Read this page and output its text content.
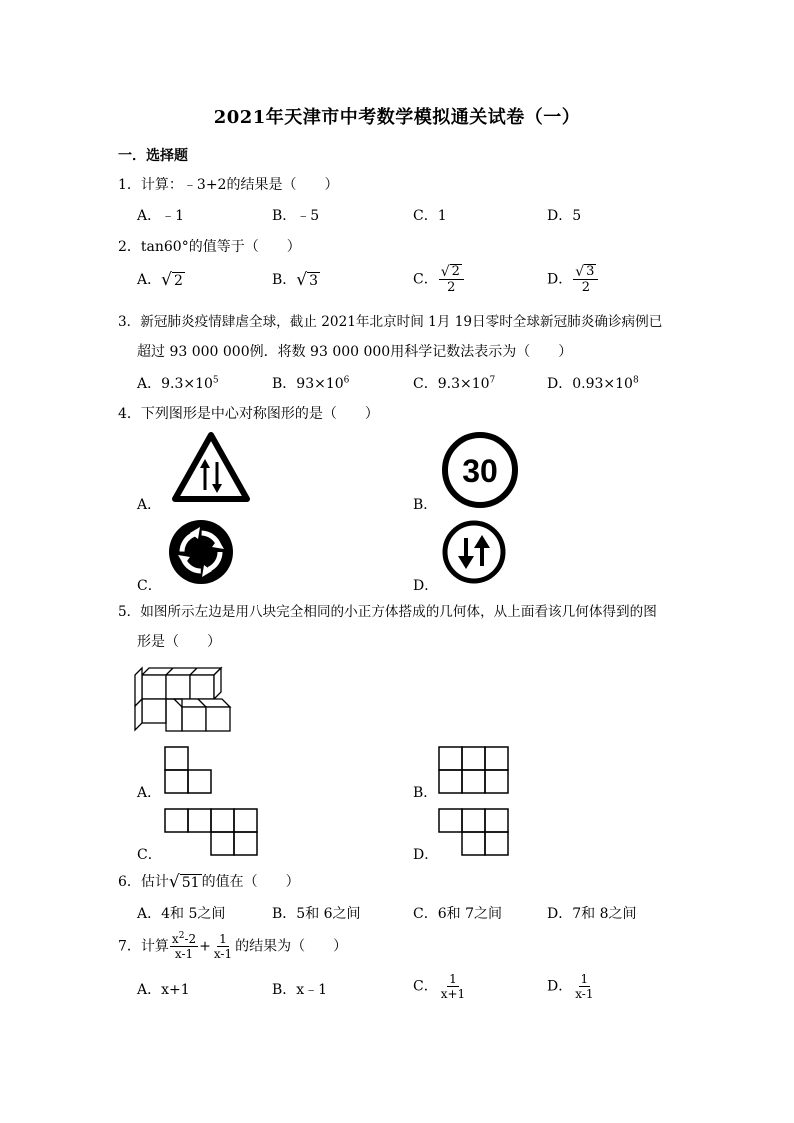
2021年天津市中考数学模拟通关试卷（一）
一．选择题
1．计算：﹣3+2的结果是（　　）
A．﹣1	B．﹣5	C．1	D．5
2．tan60°的值等于（　　）
A． √ 2	B． √ 3	C． $\frac{√ 2}{2}$	D． $\frac{√ 3}{2}$
3．新冠肺炎疫情肆虐全球，截止 2021年北京时间 1月 19日零时全球新冠肺炎确诊病例已
超过 93 000 000例．将数 93 000 000用科学记数法表示为（　　）
A．$9.3\times 10^5$	B．$93\times 10^6$	C．$9.3\times 10^7$	D．$0.93\times 10^8$
4．下列图形是中心对称图形的是（　　）
A．	B．
30
C．	D．
5．如图所示左边是用八块完全相同的小正方体搭成的几何体，从上面看该几何体得到的图
形是（　　）
A．	B．
C．	D．
6．估计 √ 51 的值在（　　）
A．4和 5之间	B．5和 6之间	C．6和 7之间	D．7和 8之间
7．计算 $\frac{x^2-2}{x-1} + \frac{1}{x-1}$ 的结果为（　　）
A．x+1	B．x﹣1	C． $\frac{1}{x+1}$	D． $\frac{1}{x-1}$
